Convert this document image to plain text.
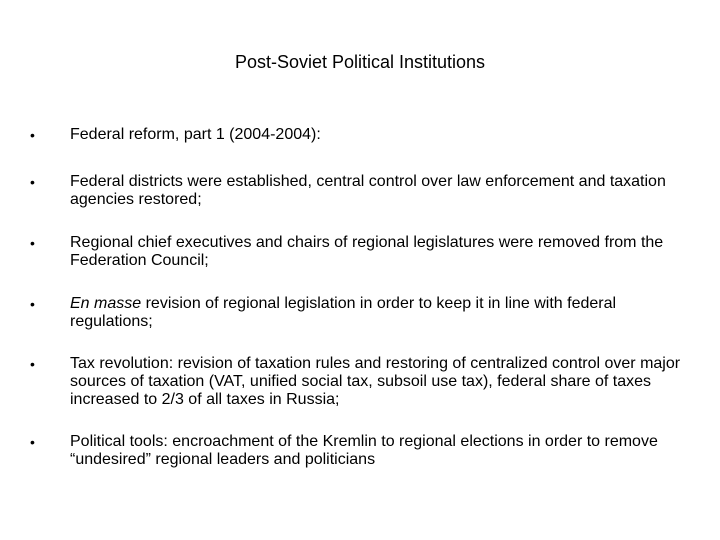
Post-Soviet Political Institutions
•	Federal reform, part 1 (2004-2004):
•	Federal districts were established, central control over law enforcement and taxation agencies restored;
•	Regional chief executives and chairs of regional legislatures were removed from the Federation Council;
•	En masse revision of regional legislation in order to keep it in line with federal regulations;
•	Tax revolution: revision of taxation rules and restoring of centralized control over major sources of taxation (VAT, unified social tax, subsoil use tax), federal share of taxes increased to 2/3 of all taxes in Russia;
•	Political tools: encroachment of the Kremlin to regional elections in order to remove “undesired” regional leaders and politicians
